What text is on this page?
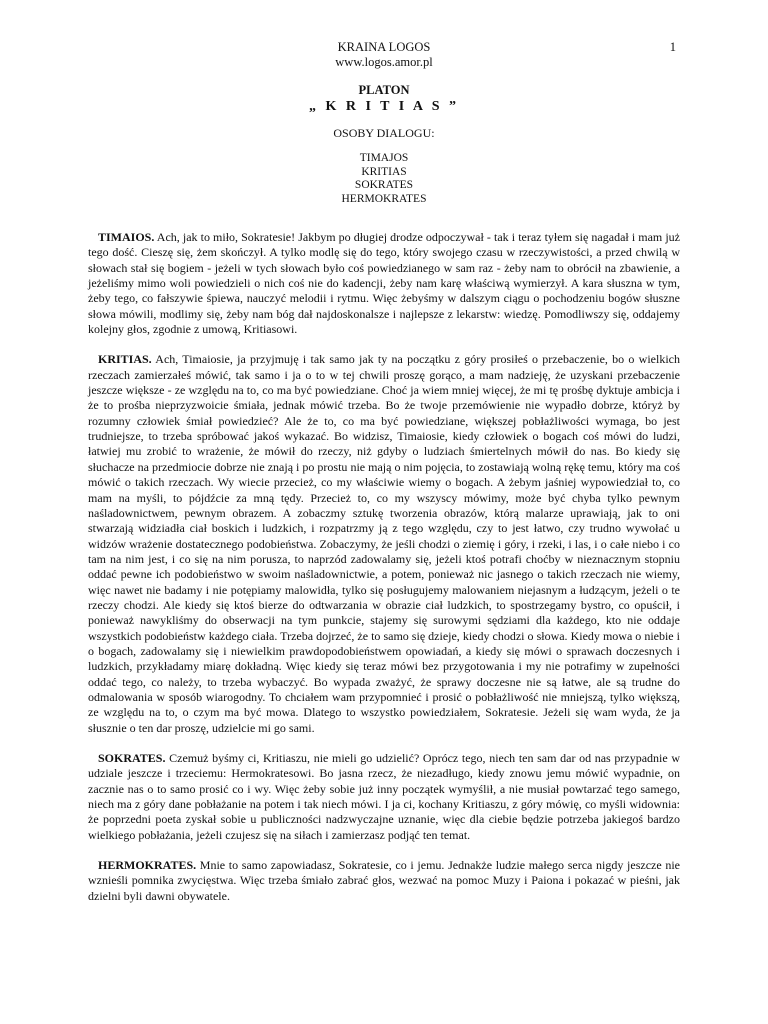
KRAINA LOGOS
www.logos.amor.pl
1
PLATON
„ K R I T I A S ”
OSOBY DIALOGU:
TIMAJOS
KRITIAS
SOKRATES
HERMOKRATES

TIMAIOS. Ach, jak to miło, Sokratesie! Jakbym po długiej drodze odpoczywał - tak i teraz tyłem się nagadał i mam już tego dość. Cieszę się, żem skończył. A tylko modlę się do tego, który swojego czasu w rzeczywistości, a przed chwilą w słowach stał się bogiem - jeżeli w tych słowach było coś powiedzianego w sam raz - żeby nam to obrócił na zbawienie, a jeżeliśmy mimo woli powiedzieli o nich coś nie do kadencji, żeby nam karę właściwą wymierzył. A kara słuszna w tym, żeby tego, co fałszywie śpiewa, nauczyć melodii i rytmu. Więc żebyśmy w dalszym ciągu o pochodzeniu bogów słuszne słowa mówili, modlimy się, żeby nam bóg dał najdoskonalsze i najlepsze z lekarstw: wiedzę. Pomodliwszy się, oddajemy kolejny głos, zgodnie z umową, Kritiasowi.

KRITIAS. Ach, Timaiosie, ja przyjmuję i tak samo jak ty na początku z góry prosiłeś o przebaczenie, bo o wielkich rzeczach zamierzałeś mówić, tak samo i ja o to w tej chwili proszę gorąco, a mam nadzieję, że uzyskani przebaczenie jeszcze większe - ze względu na to, co ma być powiedziane. Choć ja wiem mniej więcej, że mi tę prośbę dyktuje ambicja i że to prośba nieprzyzwoicie śmiała, jednak mówić trzeba. Bo że twoje przemówienie nie wypadło dobrze, któryż by rozumny człowiek śmiał powiedzieć? Ale że to, co ma być powiedziane, większej pobłażliwości wymaga, bo jest trudniejsze, to trzeba spróbować jakoś wykazać. Bo widzisz, Timaiosie, kiedy człowiek o bogach coś mówi do ludzi, łatwiej mu zrobić to wrażenie, że mówił do rzeczy, niż gdyby o ludziach śmiertelnych mówił do nas. Bo kiedy się słuchacze na przedmiocie dobrze nie znają i po prostu nie mają o nim pojęcia, to zostawiają wolną rękę temu, który ma coś mówić o takich rzeczach. Wy wiecie przecież, co my właściwie wiemy o bogach. A żebym jaśniej wypowiedział to, co mam na myśli, to pójdźcie za mną tędy. Przecież to, co my wszyscy mówimy, może być chyba tylko pewnym naśladownictwem, pewnym obrazem. A zobaczmy sztukę tworzenia obrazów, którą malarze uprawiają, jak to oni stwarzają widziadła ciał boskich i ludzkich, i rozpatrzmy ją z tego względu, czy to jest łatwo, czy trudno wywołać u widzów wrażenie dostatecznego podobieństwa. Zobaczymy, że jeśli chodzi o ziemię i góry, i rzeki, i las, i o całe niebo i co tam na nim jest, i co się na nim porusza, to naprzód zadowalamy się, jeżeli ktoś potrafi choćby w nieznacznym stopniu oddać pewne ich podobieństwo w swoim naśladownictwie, a potem, ponieważ nic jasnego o takich rzeczach nie wiemy, więc nawet nie badamy i nie potępiamy malowidła, tylko się posługujemy malowaniem niejasnym a łudzącym, jeżeli o te rzeczy chodzi. Ale kiedy się ktoś bierze do odtwarzania w obrazie ciał ludzkich, to spostrzegamy bystro, co opuścił, i ponieważ nawykliśmy do obserwacji na tym punkcie, stajemy się surowymi sędziami dla każdego, kto nie oddaje wszystkich podobieństw każdego ciała. Trzeba dojrzeć, że to samo się dzieje, kiedy chodzi o słowa. Kiedy mowa o niebie i o bogach, zadowalamy się i niewielkim prawdopodobieństwem opowiadań, a kiedy się mówi o sprawach doczesnych i ludzkich, przykładamy miarę dokładną. Więc kiedy się teraz mówi bez przygotowania i my nie potrafimy w zupełności oddać tego, co należy, to trzeba wybaczyć. Bo wypada zważyć, że sprawy doczesne nie są łatwe, ale są trudne do odmalowania w sposób wiarogodny. To chciałem wam przypomnieć i prosić o pobłażliwość nie mniejszą, tylko większą, ze względu na to, o czym ma być mowa. Dlatego to wszystko powiedziałem, Sokratesie. Jeżeli się wam wyda, że ja słusznie o ten dar proszę, udzielcie mi go sami.

SOKRATES. Czemuż byśmy ci, Kritiaszu, nie mieli go udzielić? Oprócz tego, niech ten sam dar od nas przypadnie w udziale jeszcze i trzeciemu: Hermokratesowi. Bo jasna rzecz, że niezadługo, kiedy znowu jemu mówić wypadnie, on zacznie nas o to samo prosić co i wy. Więc żeby sobie już inny początek wymyślił, a nie musiał powtarzać tego samego, niech ma z góry dane pobłażanie na potem i tak niech mówi. I ja ci, kochany Kritiaszu, z góry mówię, co myśli widownia: że poprzedni poeta zyskał sobie u publiczności nadzwyczajne uznanie, więc dla ciebie będzie potrzeba jakiegoś bardzo wielkiego pobłażania, jeżeli czujesz się na siłach i zamierzasz podjąć ten temat.

HERMOKRATES. Mnie to samo zapowiadasz, Sokratesie, co i jemu. Jednakże ludzie małego serca nigdy jeszcze nie wznieśli pomnika zwycięstwa. Więc trzeba śmiało zabrać głos, wezwać na pomoc Muzy i Paiona i pokazać w pieśni, jak dzielni byli dawni obywatele.
